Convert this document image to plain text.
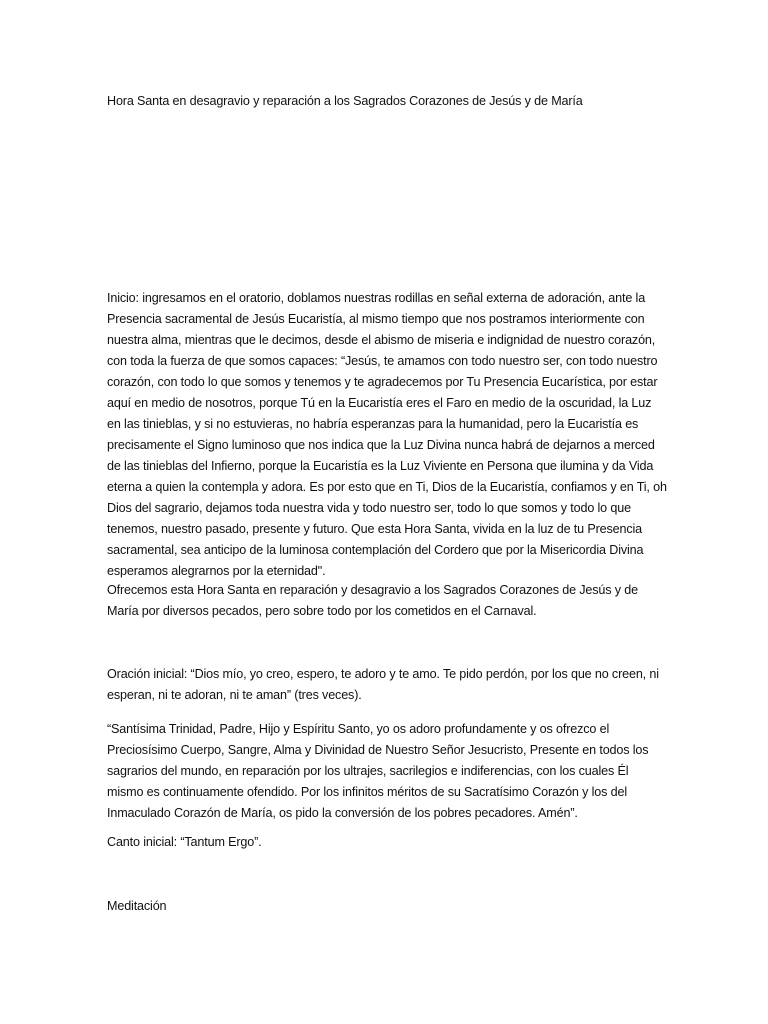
Hora Santa en desagravio y reparación a los Sagrados Corazones de Jesús y de María

Inicio: ingresamos en el oratorio, doblamos nuestras rodillas en señal externa de adoración, ante la Presencia sacramental de Jesús Eucaristía, al mismo tiempo que nos postramos interiormente con nuestra alma, mientras que le decimos, desde el abismo de miseria e indignidad de nuestro corazón, con toda la fuerza de que somos capaces: “Jesús, te amamos con todo nuestro ser, con todo nuestro corazón, con todo lo que somos y tenemos y te agradecemos por Tu Presencia Eucarística, por estar aquí en medio de nosotros, porque Tú en la Eucaristía eres el Faro en medio de la oscuridad, la Luz en las tinieblas, y si no estuvieras, no habría esperanzas para la humanidad, pero la Eucaristía es precisamente el Signo luminoso que nos indica que la Luz Divina nunca habrá de dejarnos a merced de las tinieblas del Infierno, porque la Eucaristía es la Luz Viviente en Persona que ilumina y da Vida eterna a quien la contempla y adora. Es por esto que en Ti, Dios de la Eucaristía, confiamos y en Ti, oh Dios del sagrario, dejamos toda nuestra vida y todo nuestro ser, todo lo que somos y todo lo que tenemos, nuestro pasado, presente y futuro. Que esta Hora Santa, vivida en la luz de tu Presencia sacramental, sea anticipo de la luminosa contemplación del Cordero que por la Misericordia Divina esperamos alegrarnos por la eternidad".

Ofrecemos esta Hora Santa en reparación y desagravio a los Sagrados Corazones de Jesús y de María por diversos pecados, pero sobre todo por los cometidos en el Carnaval.

Oración inicial: “Dios mío, yo creo, espero, te adoro y te amo. Te pido perdón, por los que no creen, ni esperan, ni te adoran, ni te aman” (tres veces).

“Santísima Trinidad, Padre, Hijo y Espíritu Santo, yo os adoro profundamente y os ofrezco el Preciosísimo Cuerpo, Sangre, Alma y Divinidad de Nuestro Señor Jesucristo, Presente en todos los sagrarios del mundo, en reparación por los ultrajes, sacrilegios e indiferencias, con los cuales Él mismo es continuamente ofendido. Por los infinitos méritos de su Sacratísimo Corazón y los del Inmaculado Corazón de María, os pido la conversión de los pobres pecadores. Amén”.

Canto inicial: “Tantum Ergo”.

Meditación
